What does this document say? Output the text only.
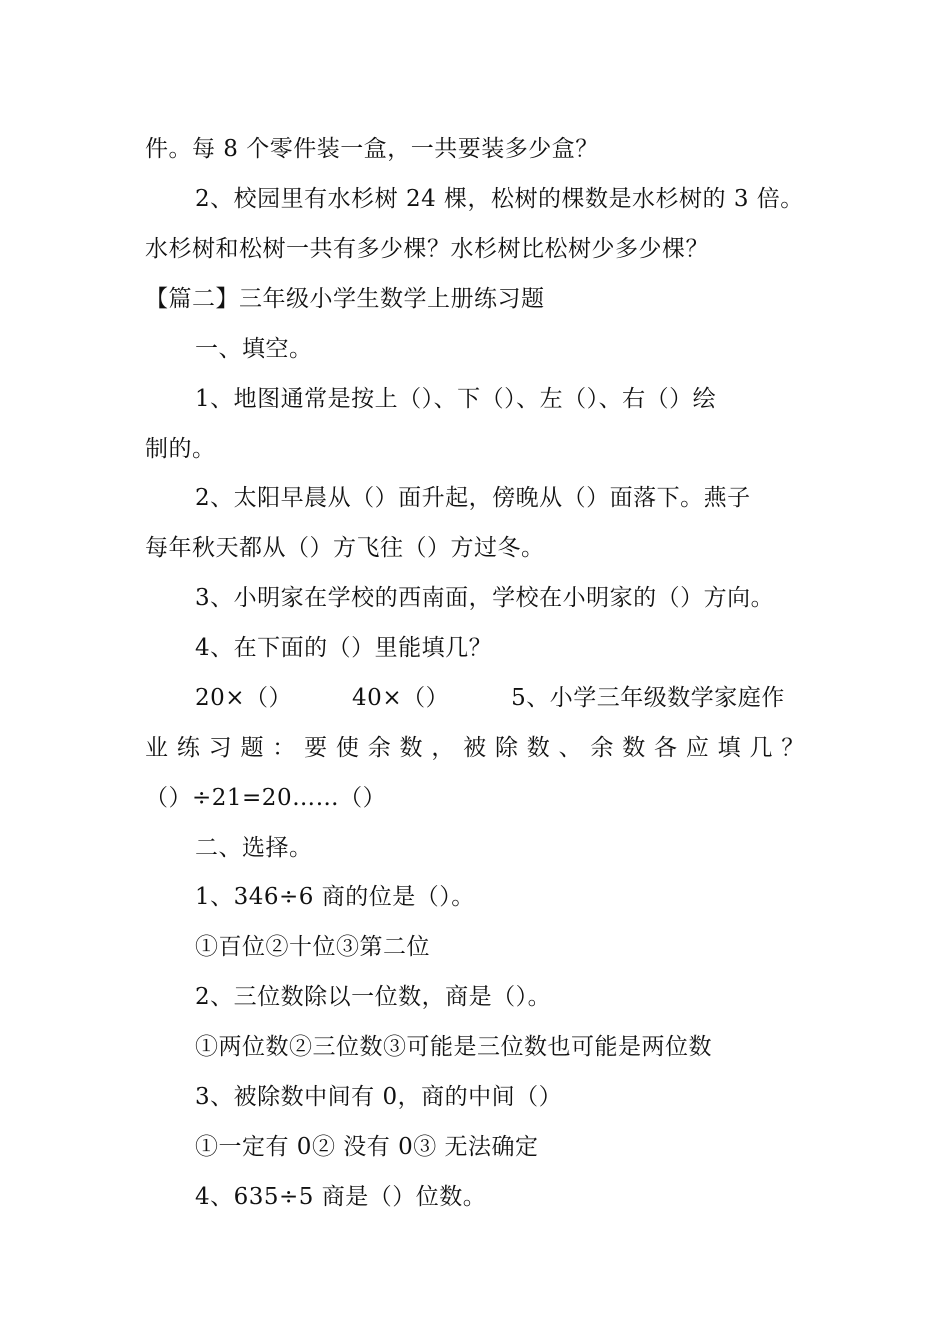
件。每 8 个零件装一盒，一共要装多少盒？
2、校园里有水杉树 24 棵，松树的棵数是水杉树的 3 倍。
水杉树和松树一共有多少棵？水杉树比松树少多少棵？
【篇二】三年级小学生数学上册练习题
一、填空。
1、地图通常是按上（）、下（）、左（）、右（）绘
制的。
2、太阳早晨从（）面升起，傍晚从（）面落下。燕子
每年秋天都从（）方飞往（）方过冬。
3、小明家在学校的西南面，学校在小明家的（）方向。
4、在下面的（）里能填几？
20×（）	40×（）	5、小学三年级数学家庭作
业 练 习 题 ： 要 使 余 数 ， 被 除 数 、 余 数 各 应 填 几 ？
（）÷21=20……（）
二、选择。
1、346÷6 商的位是（）。
①百位②十位③第二位
2、三位数除以一位数，商是（）。
①两位数②三位数③可能是三位数也可能是两位数
3、被除数中间有 0，商的中间（）
①一定有 0② 没有 0③ 无法确定
4、635÷5 商是（）位数。
